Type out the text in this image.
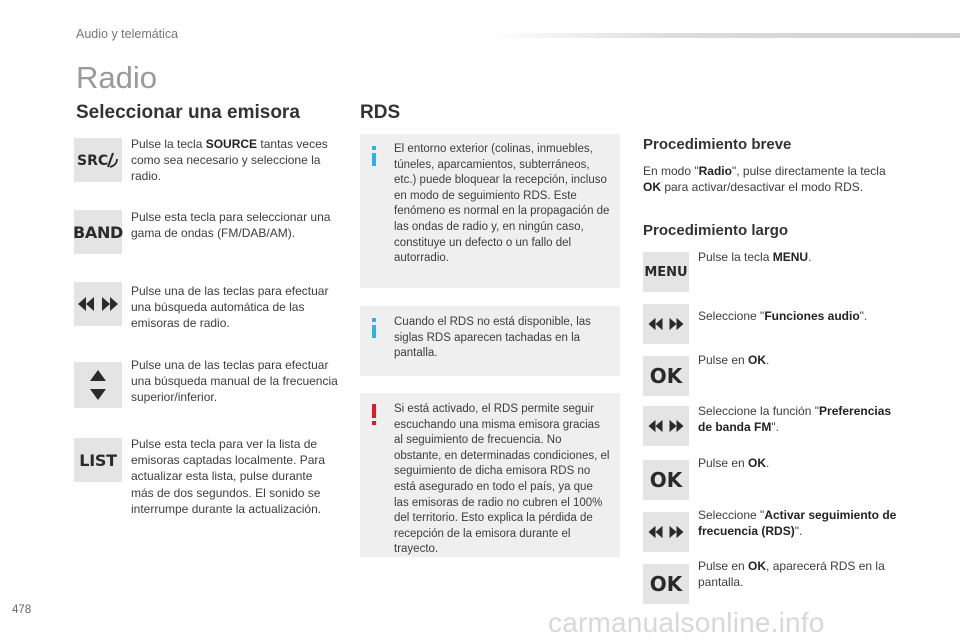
Audio y telemática
Radio
Seleccionar una emisora
SRC
Pulse la tecla SOURCE tantas veces como sea necesario y seleccione la radio.
BAND
Pulse esta tecla para seleccionar una gama de ondas (FM/DAB/AM).
Pulse una de las teclas para efectuar una búsqueda automática de las emisoras de radio.
Pulse una de las teclas para efectuar una búsqueda manual de la frecuencia superior/inferior.
LIST
Pulse esta tecla para ver la lista de emisoras captadas localmente. Para actualizar esta lista, pulse durante más de dos segundos. El sonido se interrumpe durante la actualización.
RDS
El entorno exterior (colinas, inmuebles, túneles, aparcamientos, subterráneos, etc.) puede bloquear la recepción, incluso en modo de seguimiento RDS. Este fenómeno es normal en la propagación de las ondas de radio y, en ningún caso, constituye un defecto o un fallo del autorradio.
Cuando el RDS no está disponible, las siglas RDS aparecen tachadas en la pantalla.
Si está activado, el RDS permite seguir escuchando una misma emisora gracias al seguimiento de frecuencia. No obstante, en determinadas condiciones, el seguimiento de dicha emisora RDS no está asegurado en todo el país, ya que las emisoras de radio no cubren el 100% del territorio. Esto explica la pérdida de recepción de la emisora durante el trayecto.
Procedimiento breve
En modo "Radio", pulse directamente la tecla OK para activar/desactivar el modo RDS.
Procedimiento largo
MENU
Pulse la tecla MENU.
Seleccione "Funciones audio".
OK
Pulse en OK.
Seleccione la función "Preferencias de banda FM".
OK
Pulse en OK.
Seleccione "Activar seguimiento de frecuencia (RDS)".
OK
Pulse en OK, aparecerá RDS en la pantalla.
478	carmanualsonline.info
